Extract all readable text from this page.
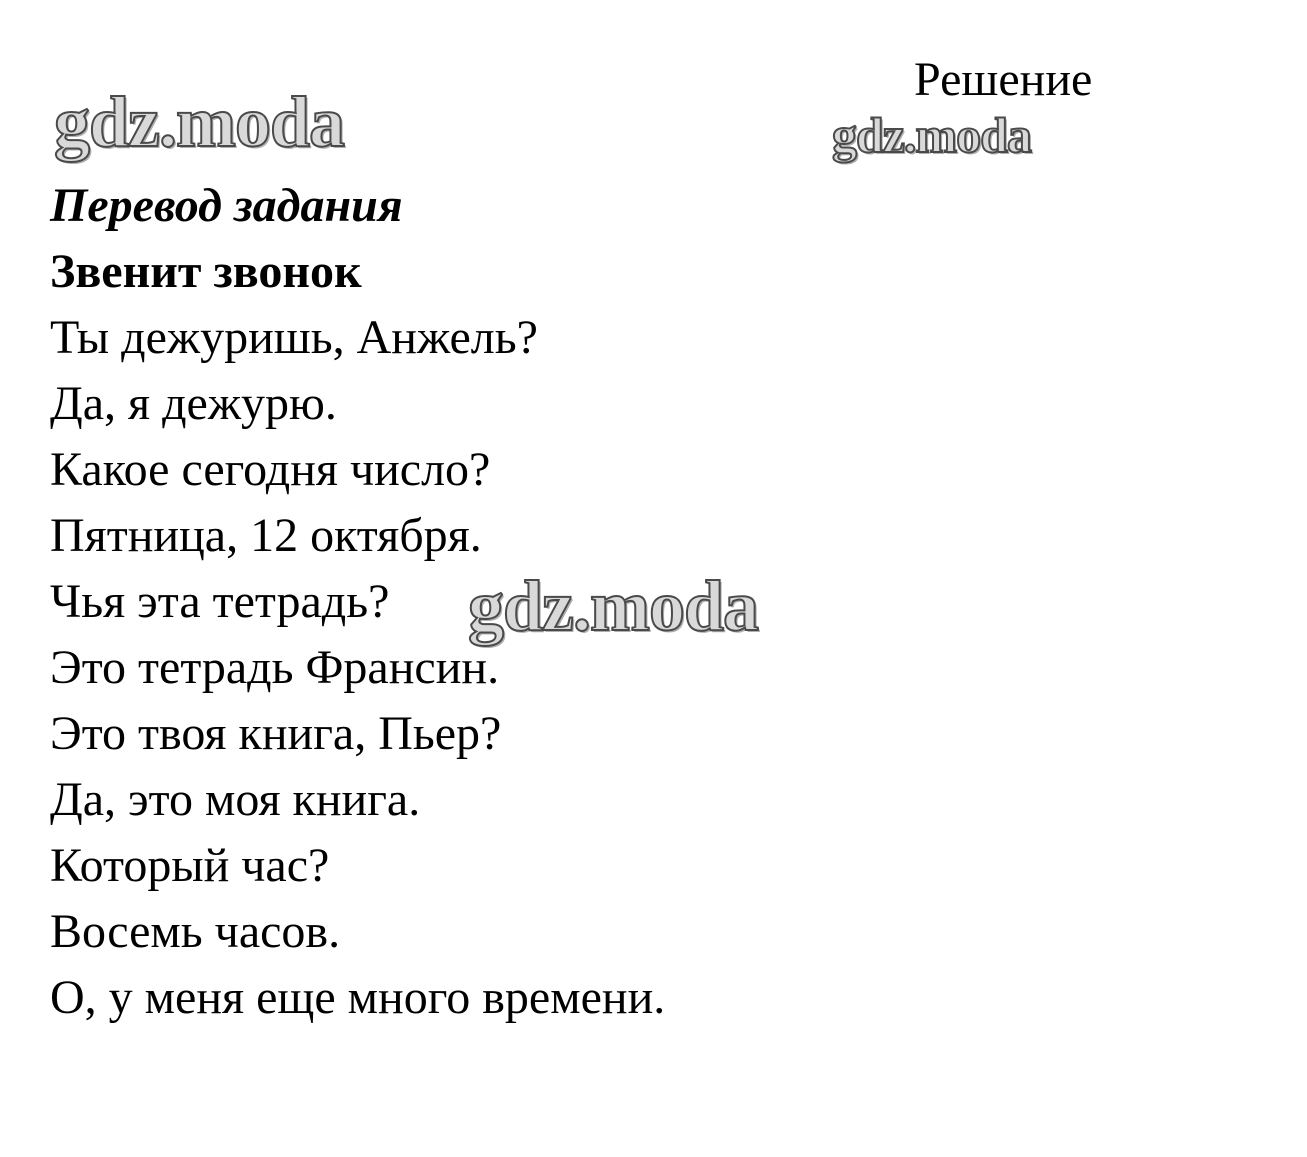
Решение
gdz.moda	gdz.moda
Перевод задания
Звенит звонок
Ты дежуришь, Анжель?
Да, я дежурю.
Какое сегодня число?
Пятница, 12 октября.
Чья эта тетрадь?
Это тетрадь Франсин.
Это твоя книга, Пьер?
Да, это моя книга.
Который час?
Восемь часов.
О, у меня еще много времени.
gdz.moda
